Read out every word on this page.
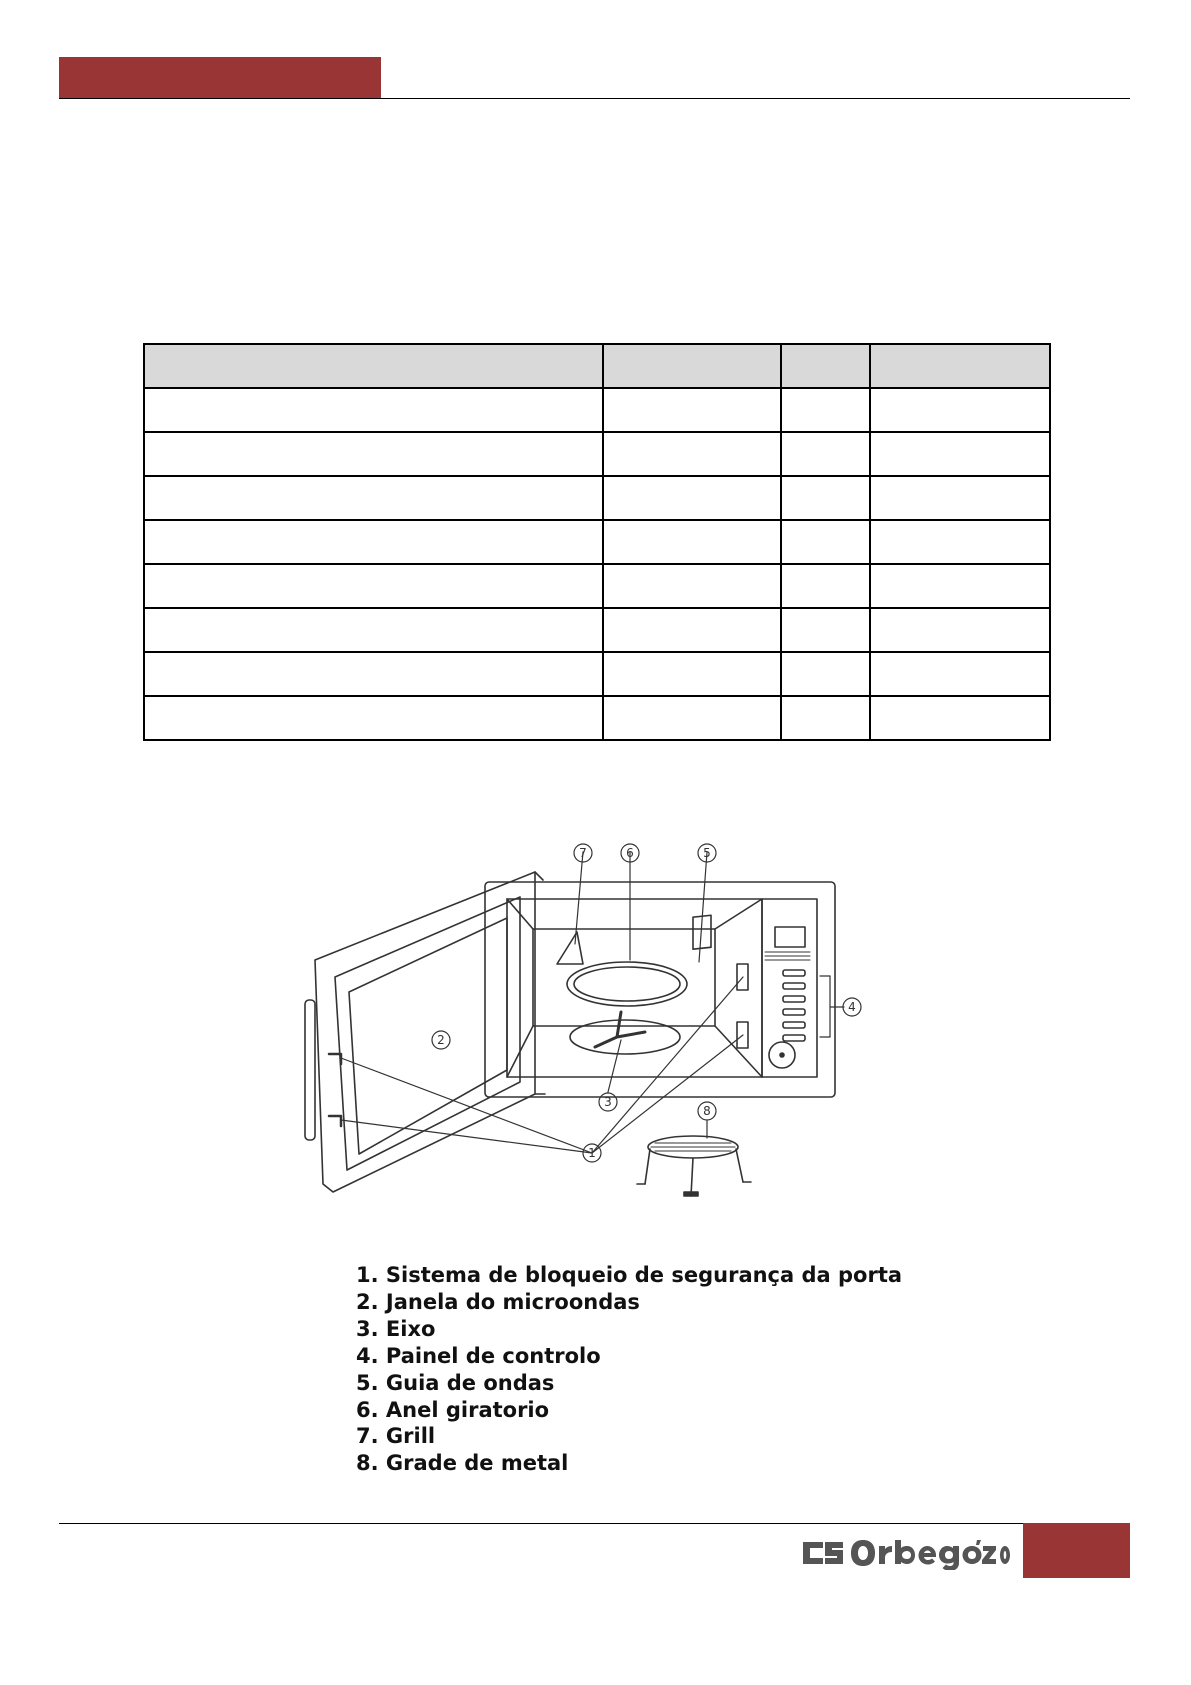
7	6	5
4
2
3
1
8
1. Sistema de bloqueio de segurança da porta
2. Janela do microondas
3. Eixo
4. Painel de controlo
5. Guia de ondas
6. Anel giratorio
7. Grill
8. Grade de metal
